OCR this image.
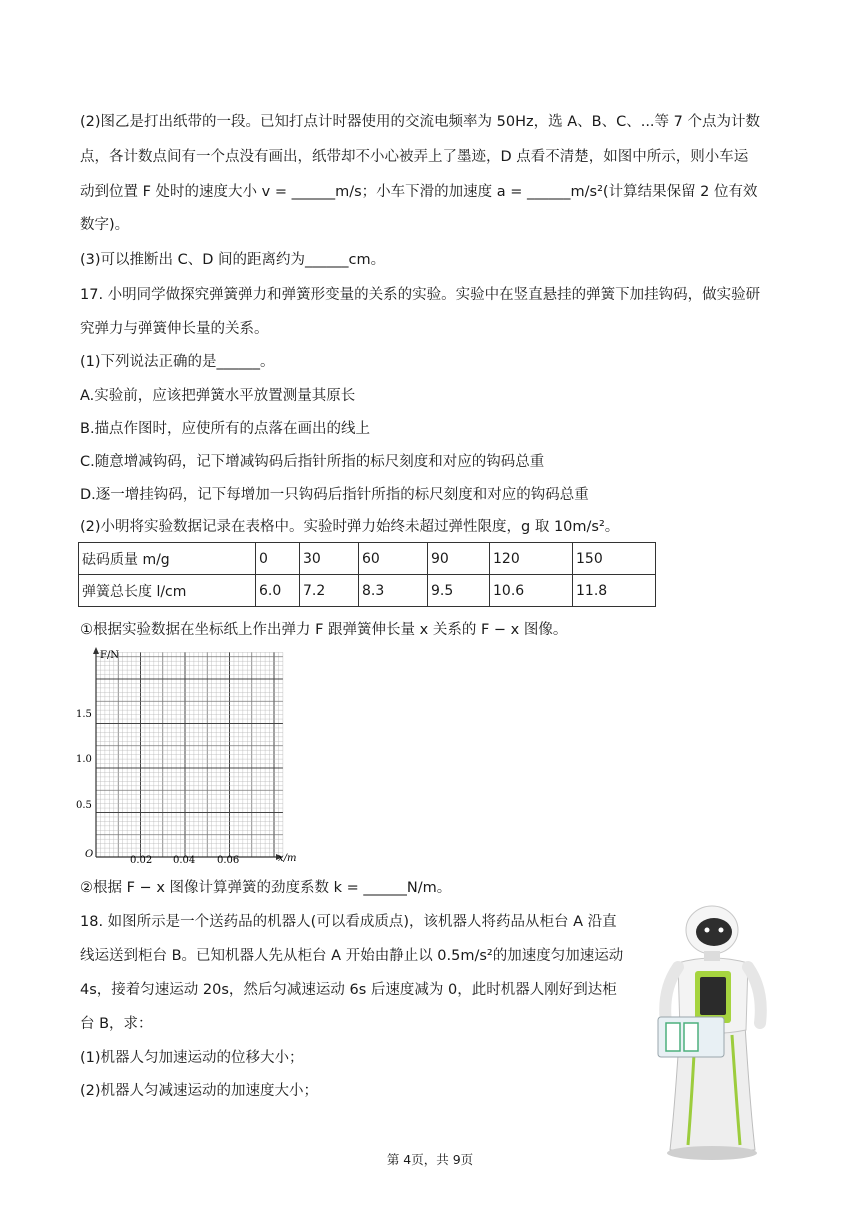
(2)图乙是打出纸带的一段。已知打点计时器使用的交流电频率为 50Hz，选 A、B、C、...等 7 个点为计数
点，各计数点间有一个点没有画出，纸带却不小心被弄上了墨迹，D 点看不清楚，如图中所示，则小车运
动到位置 F 处时的速度大小 v = ______m/s；小车下滑的加速度 a = ______m/s²(计算结果保留 2 位有效
数字)。
(3)可以推断出 C、D 间的距离约为______cm。
17. 小明同学做探究弹簧弹力和弹簧形变量的关系的实验。实验中在竖直悬挂的弹簧下加挂钩码，做实验研
究弹力与弹簧伸长量的关系。
(1)下列说法正确的是______。
A.实验前，应该把弹簧水平放置测量其原长
B.描点作图时，应使所有的点落在画出的线上
C.随意增减钩码，记下增减钩码后指针所指的标尺刻度和对应的钩码总重
D.逐一增挂钩码，记下每增加一只钩码后指针所指的标尺刻度和对应的钩码总重
(2)小明将实验数据记录在表格中。实验时弹力始终未超过弹性限度，g 取 10m/s²。
砝码质量 m/g	0	30	60	90	120	150
弹簧总长度 l/cm	6.0	7.2	8.3	9.5	10.6	11.8
①根据实验数据在坐标纸上作出弹力 F 跟弹簧伸长量 x 关系的 F − x 图像。
F/N
x/m
O
0.5
1.0
1.5
0.02 0.04 0.06
②根据 F − x 图像计算弹簧的劲度系数 k = ______N/m。
18. 如图所示是一个送药品的机器人(可以看成质点)，该机器人将药品从柜台 A 沿直
线运送到柜台 B。已知机器人先从柜台 A 开始由静止以 0.5m/s²的加速度匀加速运动
4s，接着匀速运动 20s，然后匀减速运动 6s 后速度减为 0，此时机器人刚好到达柜
台 B，求：
(1)机器人匀加速运动的位移大小；
(2)机器人匀减速运动的加速度大小；
第 4页，共 9页
